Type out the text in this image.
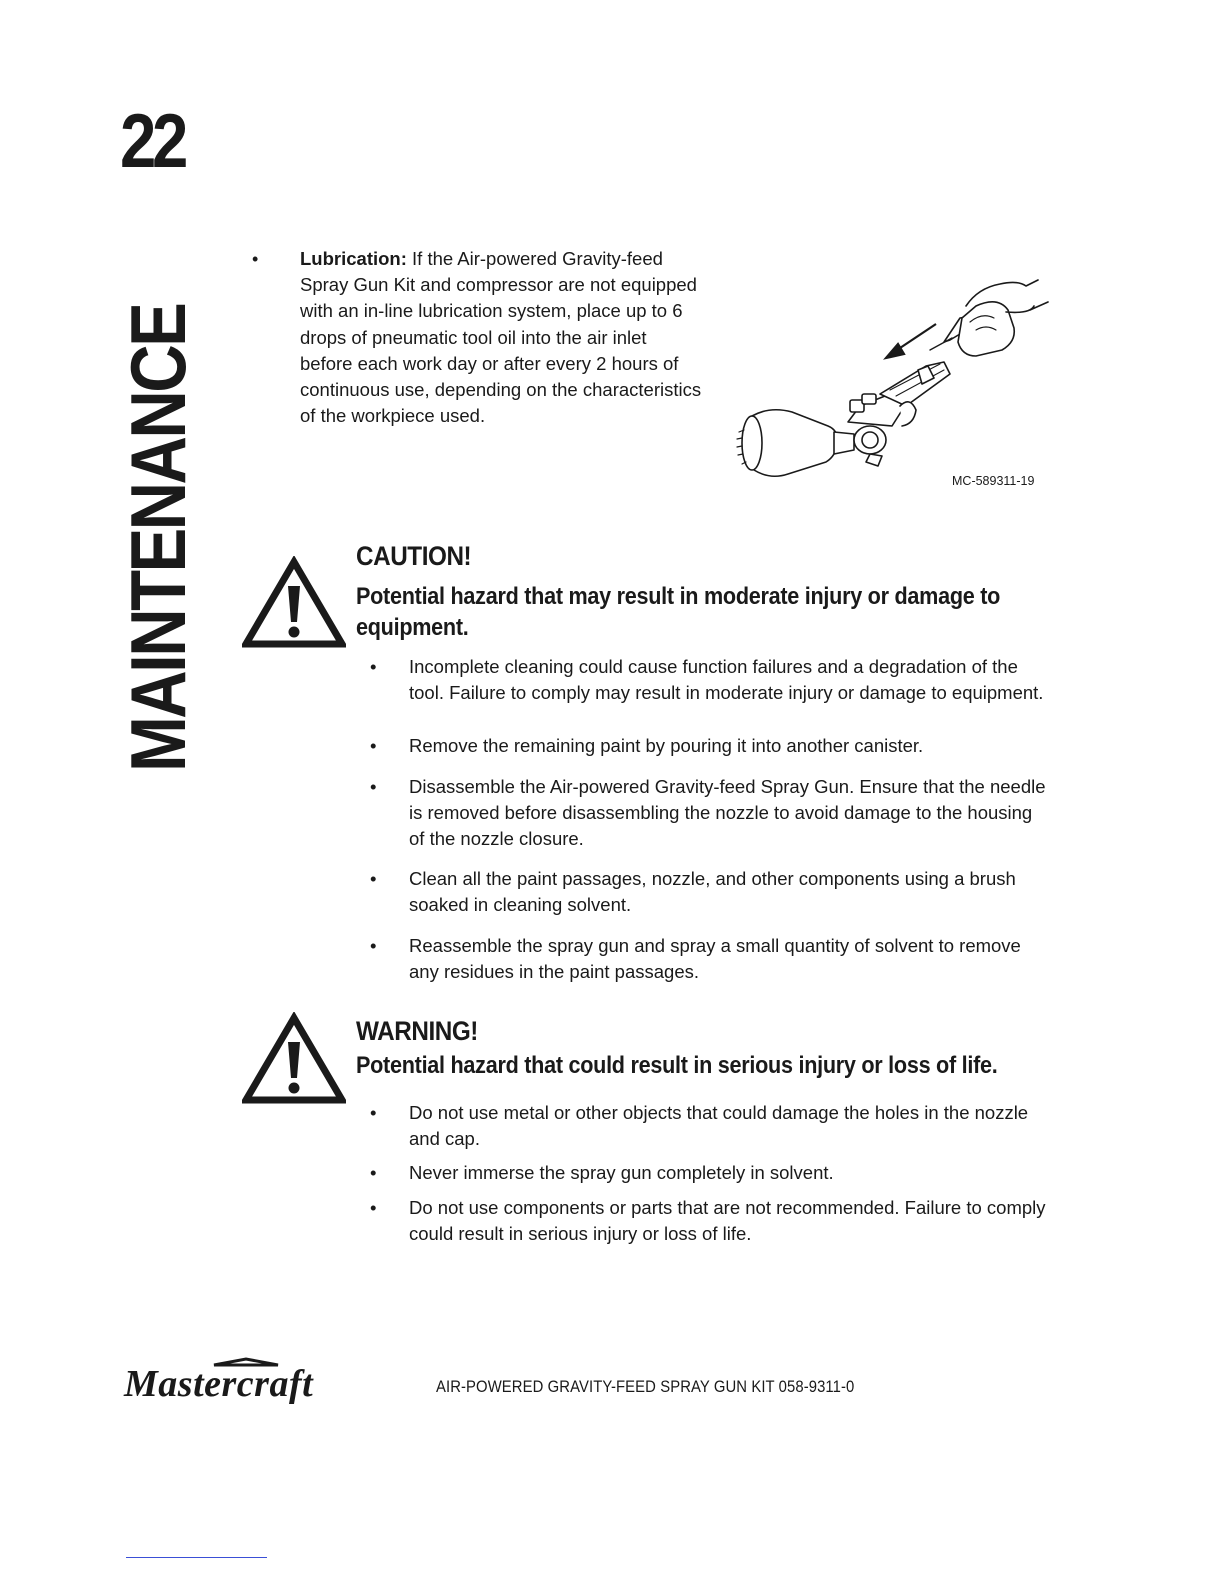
22
MAINTENANCE
• Lubrication: If the Air-powered Gravity-feed Spray Gun Kit and compressor are not equipped with an in-line lubrication system, place up to 6 drops of pneumatic tool oil into the air inlet before each work day or after every 2 hours of continuous use, depending on the characteristics of the workpiece used.
MC-589311-19
CAUTION!
Potential hazard that may result in moderate injury or damage to equipment.
• Incomplete cleaning could cause function failures and a degradation of the tool. Failure to comply may result in moderate injury or damage to equipment.
• Remove the remaining paint by pouring it into another canister.
• Disassemble the Air-powered Gravity-feed Spray Gun. Ensure that the needle is removed before disassembling the nozzle to avoid damage to the housing of the nozzle closure.
• Clean all the paint passages, nozzle, and other components using a brush soaked in cleaning solvent.
• Reassemble the spray gun and spray a small quantity of solvent to remove any residues in the paint passages.
WARNING!
Potential hazard that could result in serious injury or loss of life.
• Do not use metal or other objects that could damage the holes in the nozzle and cap.
• Never immerse the spray gun completely in solvent.
• Do not use components or parts that are not recommended. Failure to comply could result in serious injury or loss of life.
Mastercraft	AIR-POWERED GRAVITY-FEED SPRAY GUN KIT 058-9311-0
